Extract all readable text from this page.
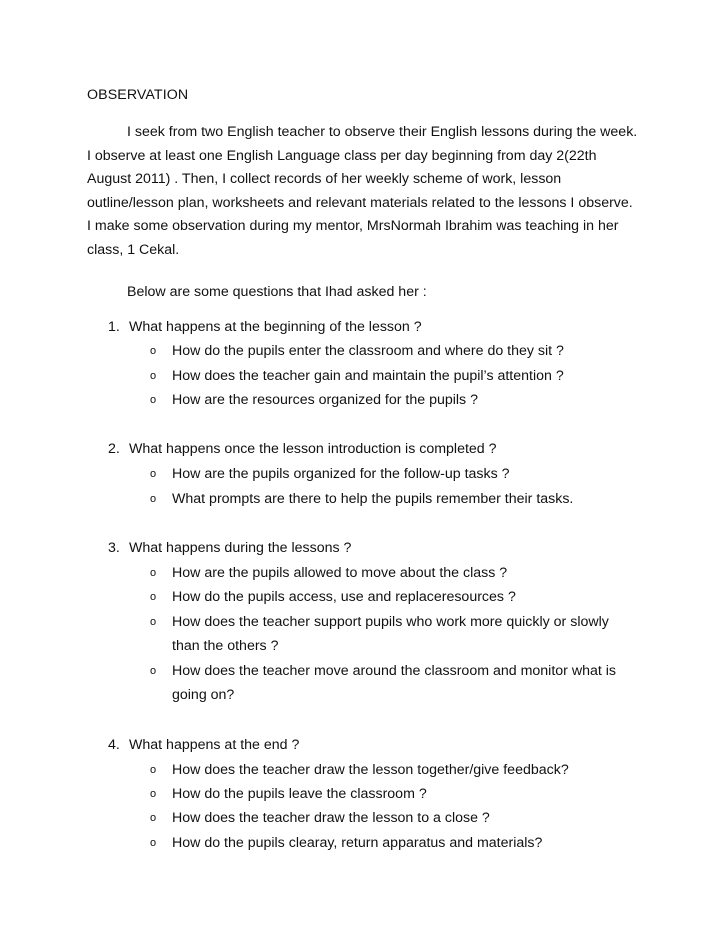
OBSERVATION
I seek from two English teacher to observe their English lessons during the week.
I observe at least one English Language class per day beginning from day 2(22th
August 2011) . Then, I collect records of her weekly scheme of work, lesson
outline/lesson plan, worksheets and relevant materials related to the lessons I observe.
I make some observation during my mentor, MrsNormah Ibrahim was teaching in her
class, 1 Cekal.
Below are some questions that Ihad asked her :
1. What happens at the beginning of the lesson ?
o How do the pupils enter the classroom and where do they sit ?
o How does the teacher gain and maintain the pupil’s attention ?
o How are the resources organized for the pupils ?
2. What happens once the lesson introduction is completed ?
o How are the pupils organized for the follow-up tasks ?
o What prompts are there to help the pupils remember their tasks.
3. What happens during the lessons ?
o How are the pupils allowed to move about the class ?
o How do the pupils access, use and replaceresources ?
o How does the teacher support pupils who work more quickly or slowly
than the others ?
o How does the teacher move around the classroom and monitor what is
going on?
4. What happens at the end ?
o How does the teacher draw the lesson together/give feedback?
o How do the pupils leave the classroom ?
o How does the teacher draw the lesson to a close ?
o How do the pupils clearay, return apparatus and materials?
